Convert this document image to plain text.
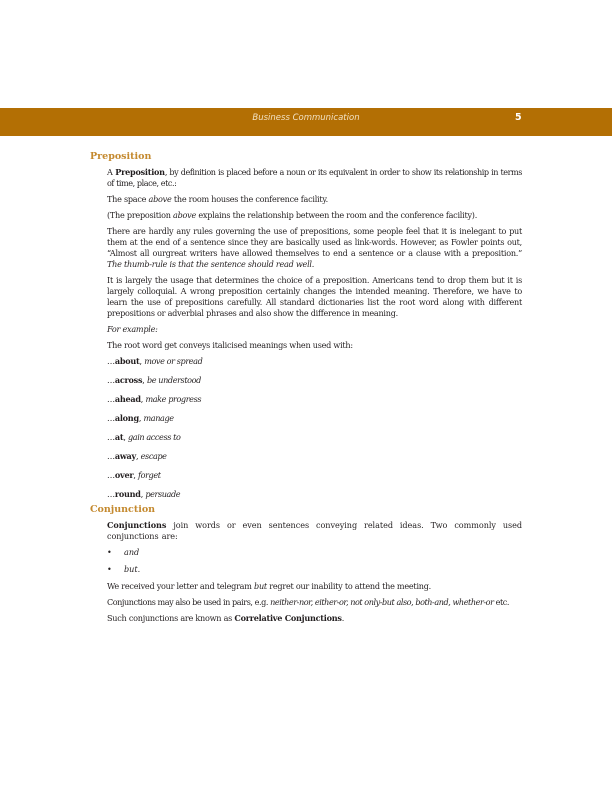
Business Communication	5
Preposition

A Preposition, by definition is placed before a noun or its equivalent in order to show its relationship in terms of time, place, etc.:

The space above the room houses the conference facility.

(The preposition above explains the relationship between the room and the conference facility).

There are hardly any rules governing the use of prepositions, some people feel that it is inelegant to put them at the end of a sentence since they are basically used as link-words. However, as Fowler points out, “Almost all ourgreat writers have allowed themselves to end a sentence or a clause with a preposition.” The thumb-rule is that the sentence should read well.

It is largely the usage that determines the choice of a preposition. Americans tend to drop them but it is largely colloquial. A wrong preposition certainly changes the intended meaning. Therefore, we have to learn the use of prepositions carefully. All standard dictionaries list the root word along with different prepositions or adverbial phrases and also show the difference in meaning.

For example:

The root word get conveys italicised meanings when used with:

…about, move or spread
…across, be understood
…ahead, make progress
…along, manage
…at, gain access to
…away, escape
…over, forget
…round, persuade
Conjunction

Conjunctions join words or even sentences conveying related ideas. Two commonly used conjunctions are:

• and
• but.

We received your letter and telegram but regret our inability to attend the meeting.

Conjunctions may also be used in pairs, e.g. neither-nor, either-or, not only-but also, both-and, whether-or etc.

Such conjunctions are known as Correlative Conjunctions.
